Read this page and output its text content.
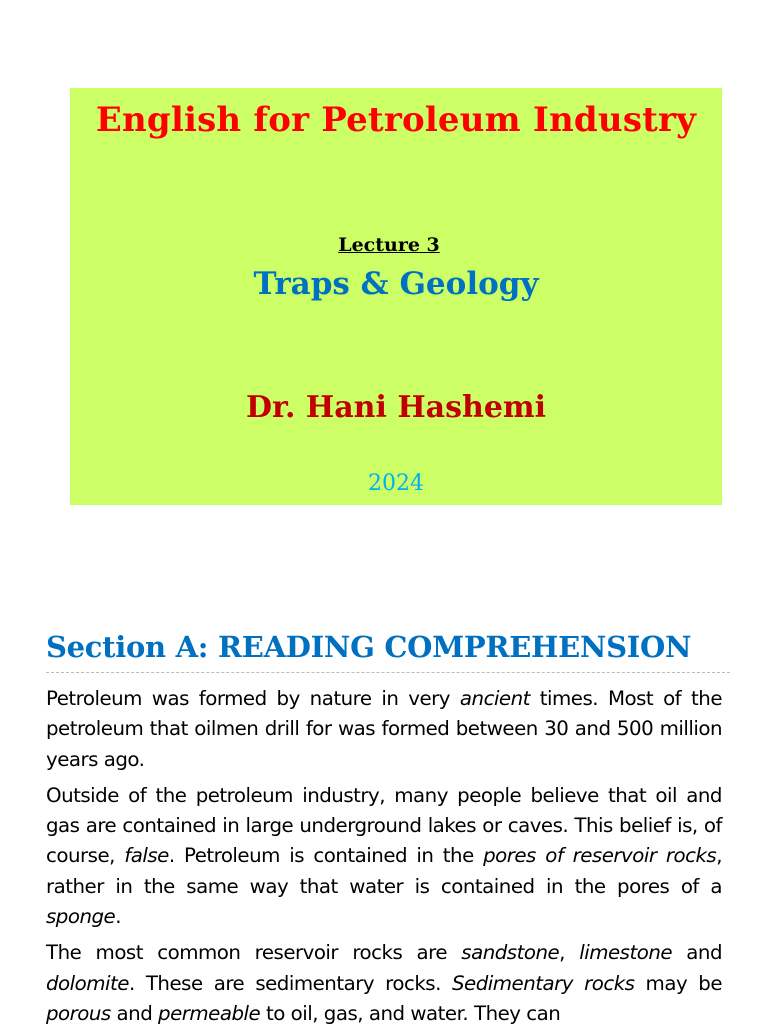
English for Petroleum Industry
Lecture 3
Traps & Geology
Dr. Hani Hashemi
2024
Section A: READING COMPREHENSION

Petroleum was formed by nature in very ancient times. Most of the petroleum that oilmen drill for was formed between 30 and 500 million years ago.

Outside of the petroleum industry, many people believe that oil and gas are contained in large underground lakes or caves. This belief is, of course, false. Petroleum is contained in the pores of reservoir rocks, rather in the same way that water is contained in the pores of a sponge.

The most common reservoir rocks are sandstone, limestone and dolomite. These are sedimentary rocks. Sedimentary rocks may be porous and permeable to oil, gas, and water. They can
